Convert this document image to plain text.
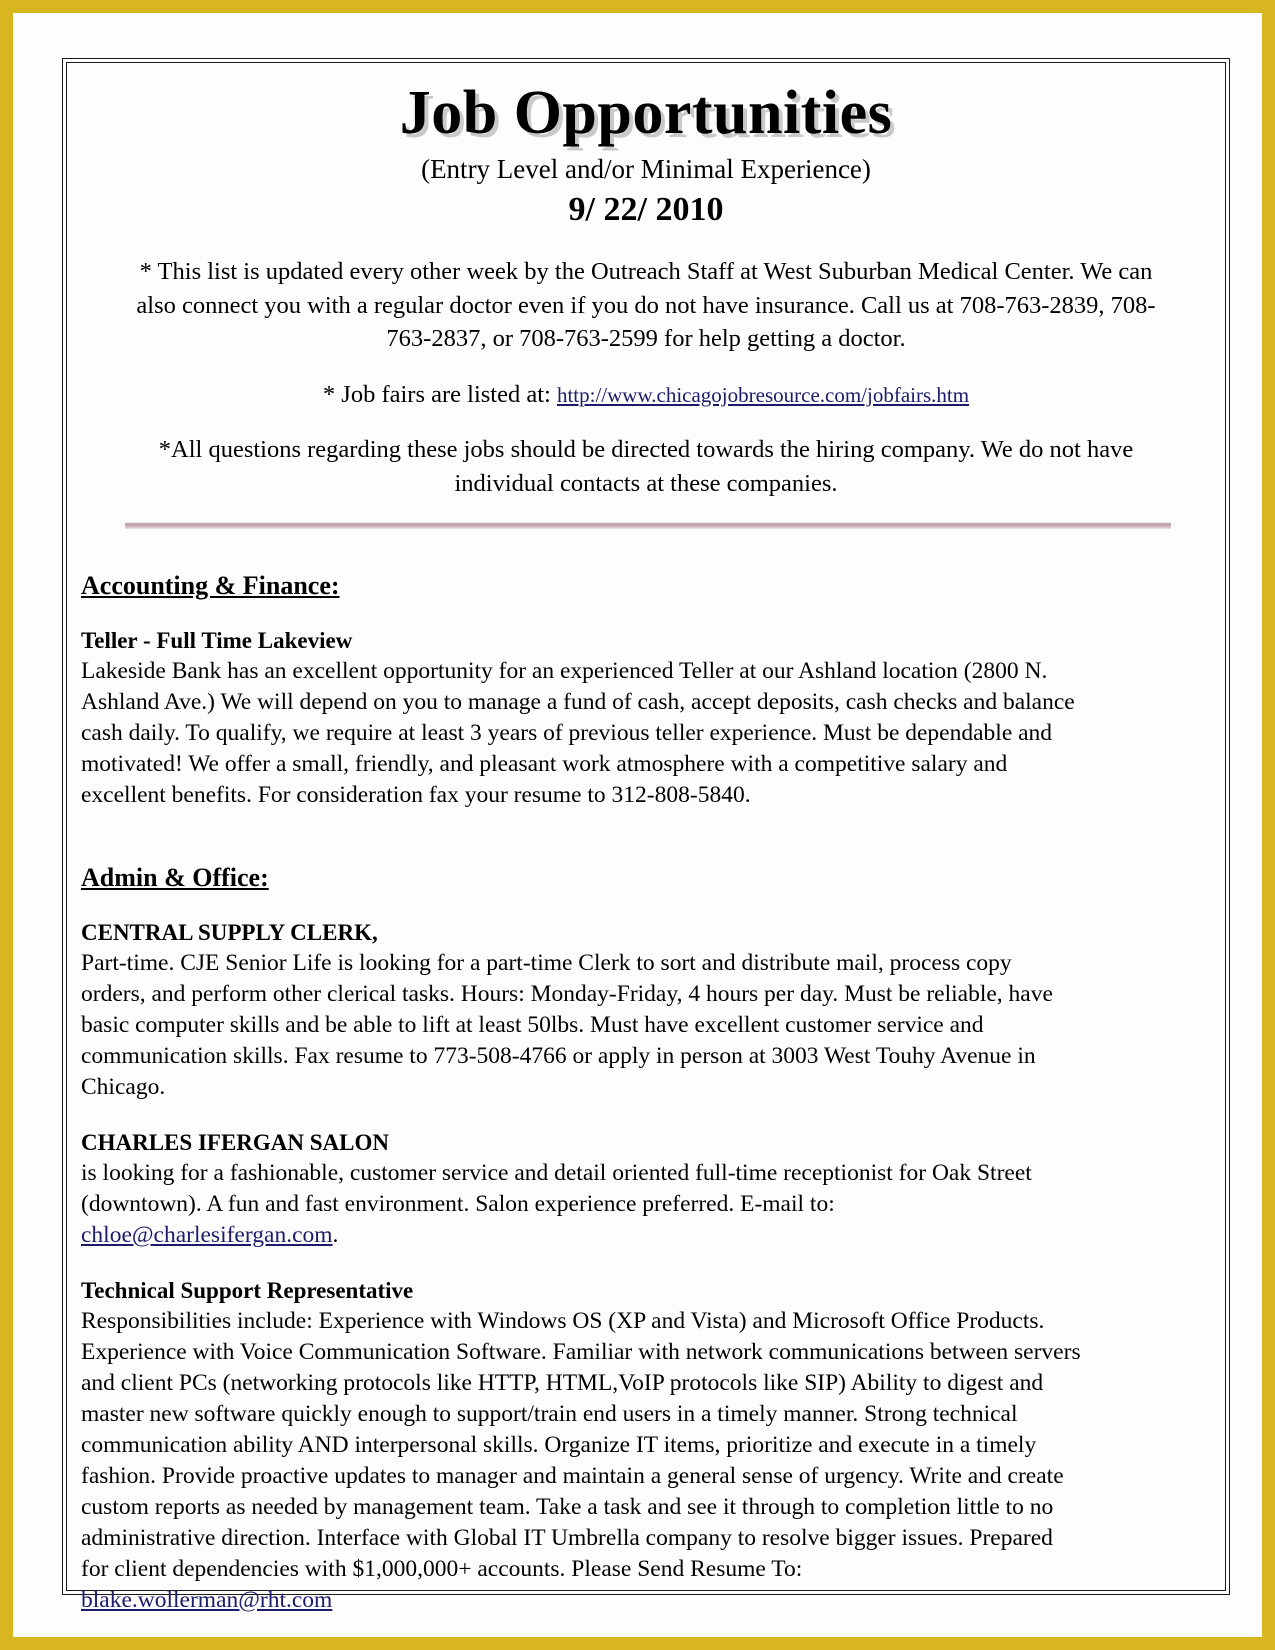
Job Opportunities
(Entry Level and/or Minimal Experience)
9/ 22/ 2010

* This list is updated every other week by the Outreach Staff at West Suburban Medical Center. We can also connect you with a regular doctor even if you do not have insurance. Call us at 708-763-2839, 708-763-2837, or 708-763-2599 for help getting a doctor.

* Job fairs are listed at: http://www.chicagojobresource.com/jobfairs.htm

*All questions regarding these jobs should be directed towards the hiring company. We do not have individual contacts at these companies.

Accounting & Finance:
Teller - Full Time Lakeview
Lakeside Bank has an excellent opportunity for an experienced Teller at our Ashland location (2800 N. Ashland Ave.) We will depend on you to manage a fund of cash, accept deposits, cash checks and balance cash daily. To qualify, we require at least 3 years of previous teller experience. Must be dependable and motivated! We offer a small, friendly, and pleasant work atmosphere with a competitive salary and excellent benefits. For consideration fax your resume to 312-808-5840.
Admin & Office:
CENTRAL SUPPLY CLERK,
Part-time. CJE Senior Life is looking for a part-time Clerk to sort and distribute mail, process copy orders, and perform other clerical tasks. Hours: Monday-Friday, 4 hours per day. Must be reliable, have basic computer skills and be able to lift at least 50lbs. Must have excellent customer service and communication skills. Fax resume to 773-508-4766 or apply in person at 3003 West Touhy Avenue in Chicago.
CHARLES IFERGAN SALON
is looking for a fashionable, customer service and detail oriented full-time receptionist for Oak Street (downtown). A fun and fast environment. Salon experience preferred. E-mail to:
chloe@charlesifergan.com.
Technical Support Representative
Responsibilities include: Experience with Windows OS (XP and Vista) and Microsoft Office Products. Experience with Voice Communication Software. Familiar with network communications between servers and client PCs (networking protocols like HTTP, HTML,VoIP protocols like SIP) Ability to digest and master new software quickly enough to support/train end users in a timely manner. Strong technical communication ability AND interpersonal skills. Organize IT items, prioritize and execute in a timely fashion. Provide proactive updates to manager and maintain a general sense of urgency. Write and create custom reports as needed by management team. Take a task and see it through to completion little to no administrative direction. Interface with Global IT Umbrella company to resolve bigger issues. Prepared for client dependencies with $1,000,000+ accounts. Please Send Resume To:
blake.wollerman@rht.com
